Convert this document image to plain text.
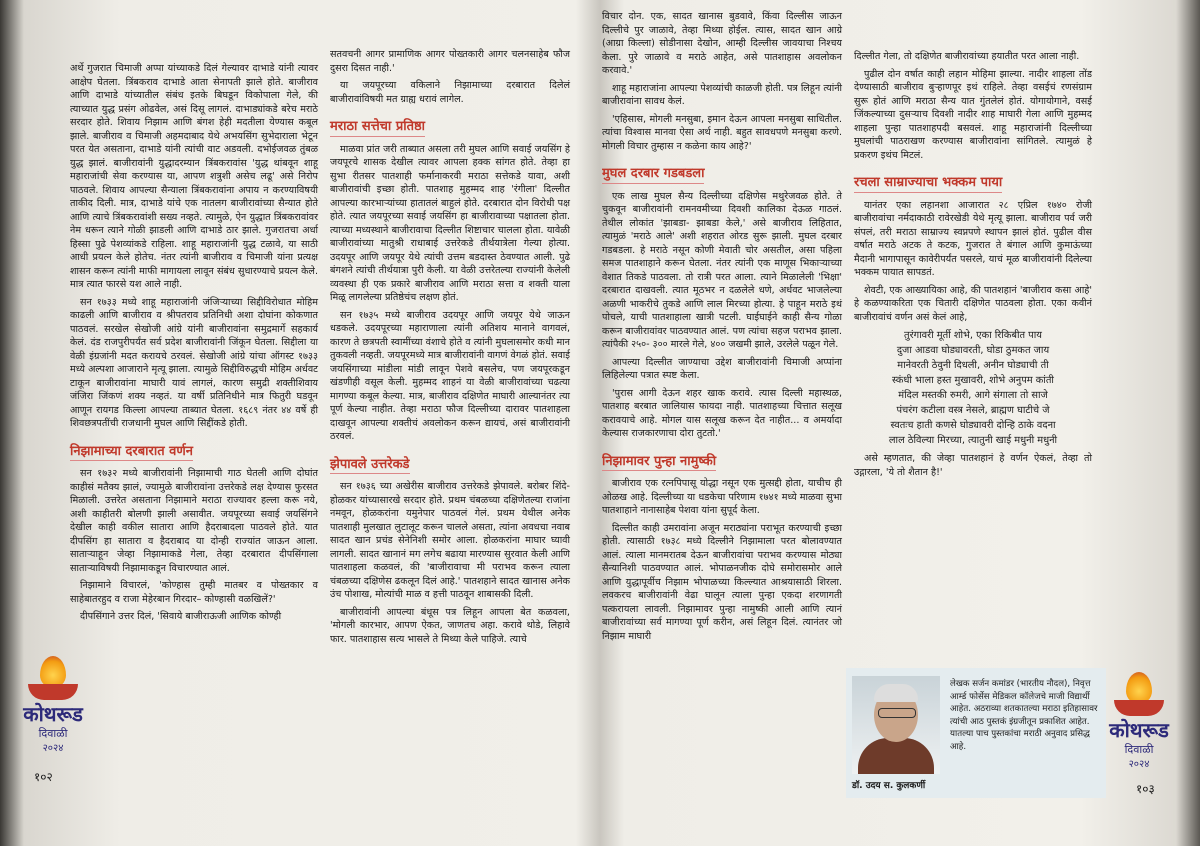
अर्थे गुजरात चिमाजी अप्पा यांच्याकडे दिलं गेल्यावर दाभाडे यांनी त्यावर आक्षेप घेतला. त्रिंबकराव दाभाडे आता सेनापती झाले होते. बाजीराव आणि दाभाडे यांच्यातील संबंध इतके बिघडून विकोपाला गेले, की त्याच्यात युद्ध प्रसंग ओढवेल, असं दिसू लागलं. दाभाड्यांकडे बरेच मराठे सरदार होते. शिवाय निझाम आणि बंगश हेही मदतीला येण्यास कबूल झाले. बाजीराव व चिमाजी अहमदाबाद येथे अभयसिंग सुभेदाराला भेटून परत येत असताना, दाभाडे यांनी त्यांची वाट अडवली. दभोईजवळ तुंबळ युद्ध झालं. बाजीरावांनी युद्धादरम्यान त्रिंबकरावांस 'युद्ध थांबवून शाहू महाराजांची सेवा करण्यास या, आपण शत्रुशी असेच लढू' असे निरोप पाठवले. शिवाय आपल्या सैन्याला त्रिंबकरावांना अपाय न करण्याविषयी ताकीद दिली. मात्र, दाभाडे यांचे एक नातलग बाजीरावांच्या सैन्यात होते आणि त्याचे त्रिंबकरावांशी सख्य नव्हते. त्यामुळे, ऐन युद्धात त्रिंबकरावांवर नेम धरून त्याने गोळी झाडली आणि दाभाडे ठार झाले. गुजरातचा अर्धा हिस्सा पुढे पेशव्यांकडे राहिला. शाहू महाराजांनी युद्ध टळावे, या साठी आधी प्रयत्न केले होतेच. नंतर त्यांनी बाजीराव व चिमाजी यांना प्रत्यक्ष शासन करून त्यांनी माफी मागायला लावून संबंध सुधारण्याचे प्रयत्न केले. मात्र त्यात फारसे यश आले नाही.

सन १७३३ मध्ये शाहू महाराजांनी जंजिऱ्याच्या सिद्दीविरोधात मोहिम काढली आणि बाजीराव व श्रीपतराव प्रतिनिधी अशा दोघांना कोकणात पाठवलं. सरखेल सेखोजी आंग्रे यांनी बाजीरावांना समुद्रमार्गे सहकार्य केलं. दंड राजपुरीपर्यंत सर्व प्रदेश बाजीरावांनी जिंकून घेतला. सिद्दीला या वेळी इंग्रजांनी मदत करायचे ठरवलं. सेखोजी आंग्रे यांचा ऑगस्ट १७३३ मध्ये अल्पशा आजाराने मृत्यू झाला. त्यामुळे सिद्दीविरुद्धची मोहिम अर्धवट टाकून बाजीरावांना माघारी यावं लागलं, कारण समुद्री शक्तीशिवाय जंजिरा जिंकणं शक्य नव्हतं. या वर्षी प्रतिनिधीने मात्र फितुरी घडवून आणून रायगड किल्ला आपल्या ताब्यात घेतला. १६८९ नंतर ४४ वर्षे ही शिवछत्रपतींची राजधानी मुघल आणि सिद्दींकडे होती.

निझामाच्या दरबारात वर्णन

सन १७३२ मध्ये बाजीरावांनी निझामाची गाठ घेतली आणि दोघांत काहीसं मतैक्य झालं, ज्यामुळे बाजीरावांना उत्तरेकडे लक्ष देण्यास फुरसत मिळाली. उत्तरेत असताना निझामाने मराठा राज्यावर हल्ला करू नये, अशी काहीतरी बोलणी झाली असावीत. जयपूरच्या सवाई जयसिंगने देखील काही वकील सातारा आणि हैदराबादला पाठवले होते. यात दीपसिंग हा सातारा व हैदराबाद या दोन्ही राज्यांत जाऊन आला. सातार्‍याहून जेव्हा निझामाकडे गेला, तेव्हा दरबारात दीपसिंगाला साताऱ्याविषयी निझामाकडून विचारण्यात आलं.

निझामाने विचारलं, 'कोण्हास तुम्ही मातबर व पोख्तकार व साहेबातरहुद व राजा मेहेरबान गिरदार– कोण्हासी वळखिलें?'

दीपसिंगाने उत्तर दिलं, 'सिवाये बाजीराऊजी आणिक कोण्ही

सतवचनी आगर प्रामाणिक आगर पोख्तकारी आगर चलनसाहेब फौज दुसरा दिसत नाही.'

या जयपूरच्या वकिलाने निझामाच्या दरबारात दिलेलं बाजीरावांविषयी मत ग्राह्य धरावं लागेल.

मराठा सत्तेचा प्रतिष्ठा

माळवा प्रांत जरी ताब्यात असला तरी मुघल आणि सवाई जयसिंग हे जयपूरचे शासक देखील त्यावर आपला हक्क सांगत होते. तेव्हा हा सुभा रीतसर पातशाही फर्मानाकरवी मराठा सत्तेकडे यावा, अशी बाजीरावांची इच्छा होती. पातशाह मुहम्मद शाह 'रंगीला' दिल्लीत आपल्या कारभाऱ्यांच्या हातातलं बाहुलं होते. दरबारात दोन विरोधी पक्ष होते. त्यात जयपूरच्या सवाई जयसिंग हा बाजीरावाच्या पक्षातला होता. त्याच्या मध्यस्थाने बाजीरावाचा दिल्लीत शिष्टाचार चालला होता. यावेळी बाजीरावांच्या मातुश्री राधाबाई उत्तरेकडे तीर्थयात्रेला गेल्या होत्या. उदयपूर आणि जयपूर येथे त्यांची उत्तम बडदास्त ठेवण्यात आली. पुढे बंगशने त्यांची तीर्थयात्रा पुरी केली. या वेळी उत्तरेतल्या राज्यांनी केलेली व्यवस्था ही एक प्रकारे बाजीराव आणि मराठा सत्ता व शक्ती याला मिळू लागलेल्या प्रतिष्ठेचंच लक्षण होतं.

सन १७३५ मध्ये बाजीराव उदयपूर आणि जयपूर येथे जाऊन धडकले. उदयपूरच्या महाराणाला त्यांनी अतिशय मानाने वागवलं, कारण ते छत्रपती स्वामींच्या वंशाचे होते व त्यांनी मुघलासमोर कधी मान तुकवली नव्हती. जयपूरमध्ये मात्र बाजीरावांनी वागणं वेगळं होतं. सवाई जयसिंगाच्या मांडीला मांडी लावून पेशवे बसलेच, पण जयपूरकडून खंडणीही वसूल केली. मुहम्मद शाहनं या वेळी बाजीरावांच्या चढत्या मागण्या कबूल केल्या. मात्र, बाजीराव दक्षिणेत माघारी आल्यानंतर त्या पूर्ण केल्या नाहीत. तेव्हा मराठा फौज दिल्लीच्या दारावर पातशाहला दाखवून आपल्या शक्तीचं अवलोकन करून द्यायचं, असं बाजीरावांनी ठरवलं.

झेपावले उत्तरेकडे

सन १७३६ च्या अखेरीस बाजीराव उत्तरेकडे झेपावले. बरोबर शिंदे- होळकर यांच्यासारखे सरदार होते. प्रथम चंबळच्या दक्षिणेतल्या राजांना नमवून, होळकरांना यमुनेपार पाठवलं गेलं. प्रथम येथील अनेक पातशाही मुलखात लुटालूट करून चालले असता, त्यांना अवधचा नवाब सादत खान प्रचंड सेनेनिशी समोर आला. होळकरांना माघार घ्यावी लागली. सादत खानानं मग लगेच बढाया मारण्यास सुरवात केली आणि पातशाहला कळवलं, की 'बाजीरावाचा मी पराभव करून त्याला चंबळच्या दक्षिणेस ढकलून दिलं आहे.' पातशहाने सादत खानास अनेक उंच पोशाख, मोत्यांची माळ व हत्ती पाठवून शाबासकी दिली.

बाजीरावांनी आपल्या बंधूस पत्र लिहून आपला बेत कळवला, 'मोगली कारभार, आपण ऐकत, जाणतच अहा. करावे थोडे, लिहावे फार. पातशाहास सत्य भासले ते मिथ्या केले पाहिजे. त्याचे

कोथरूड
दिवाळी
२०२४
१०२

विचार दोन. एक, सादत खानास बुडवावे, किंवा दिल्लीस जाऊन दिल्लीचे पुर जाळावे, तेव्हा मिथ्या होईल. त्यास, सादत खान आग्रे (आग्रा किल्ला) सोडीनासा देखोन, आम्ही दिल्लीस जावयाचा निश्चय केला. पुरे जाळावे व मराठे आहेत, असे पातशाहास अवलोकन करवावे.'

शाहू महाराजांना आपल्या पेशव्यांची काळजी होती. पत्र लिहून त्यांनी बाजीरावांना सावध केलं.

'एहिसास, मोगली मनसुबा, इमान देऊन आपला मनसुबा साधितील. त्यांचा विश्वास मानवा ऐसा अर्थ नाही. बहुत सावधपणे मनसुबा करणे. मोगली विचार तुम्हास न कळेना काय आहे?'

मुघल दरबार गडबडला

एक लाख मुघल सैन्य दिल्लीच्या दक्षिणेस मथुरेजवळ होते. ते चुकवून बाजीरावांनी रामनवमीच्या दिवशी कालिका देऊळ गाठलं. तेथील लोकांत 'झाबडा- झाबडा केले,' असे बाजीराव लिहितात, त्यामुळं 'मराठे आले' अशी शहरात ओरड सुरू झाली. मुघल दरबार गडबडला. हे मराठे नसून कोणी मेवाती चोर असतील, असा पहिला समज पातशाहाने करून घेतला. नंतर त्यांनी एक माणूस भिकाऱ्याच्या वेशात तिकडे पाठवला. तो रात्री परत आला. त्याने मिळालेली 'भिक्षा' दरबारात दाखवली. त्यात मूठभर न दळलेले धणे, अर्धवट भाजलेल्या अळणी भाकरीचे तुकडे आणि लाल मिरच्या होत्या. हे पाहून मराठे इथं पोचले, याची पातशाहाला खात्री पटली. घाईघाईने काही सैन्य गोळा करून बाजीरावांवर पाठवण्यात आलं. पण त्यांचा सहज पराभव झाला. त्यांपैकी २५०- ३०० मारले गेले, ४०० जखमी झाले, उरलेले पळून गेले.

आपल्या दिल्लीत जाण्याचा उद्देश बाजीरावांनी चिमाजी अप्पांना लिहिलेल्या पत्रात स्पष्ट केला.

'पुरास आगी देऊन शहर खाक करावे. त्यास दिल्ली महास्थळ, पातशाह बरबात जालियास फायदा नाही. पातशाहच्या चित्तात सलूख करावयाचे आहे. मोगल यास सलूख करून देत नाहीत... व अमर्यादा केल्यास राजकारणाचा दोरा तुटतो.'

निझामावर पुन्हा नामुष्की

बाजीराव एक रत्नपिपासू योद्धा नसून एक मुत्सद्दी होता, याचीच ही ओळख आहे. दिल्लीच्या या धडकेचा परिणाम १७४१ मध्ये माळवा सुभा पातशाहाने नानासाहेब पेशवा यांना सुपूर्द केला.

दिल्लीत काही उमरावांना अजून मराठ्यांना पराभूत करण्याची इच्छा होती. त्यासाठी १७३८ मध्ये दिल्लीने निझामाला परत बोलावण्यात आलं. त्याला मानमरातब देऊन बाजीरावांचा पराभव करण्यास मोठ्या सैन्यानिशी पाठवण्यात आलं. भोपाळनजीक दोघे समोरासमोर आले आणि युद्धापूर्वीच निझाम भोपाळच्या किल्ल्यात आश्रयासाठी शिरला. लवकरच बाजीरावांनी वेढा घालून त्याला पुन्हा एकदा शरणागती पत्करायला लावली. निझामावर पुन्हा नामुष्की आली आणि त्यानं बाजीरावांच्या सर्व मागण्या पूर्ण करीन, असं लिहून दिलं. त्यानंतर जो निझाम माघारी

दिल्लीत गेला, तो दक्षिणेत बाजीरावांच्या हयातीत परत आला नाही.

पुढील दोन वर्षात काही लहान मोहिमा झाल्या. नादीर शाहला तोंड देण्यासाठी बाजीराव बुऱ्हाणपूर इथं राहिले. तेव्हा वसईचं रणसंग्राम सुरू होतं आणि मराठा सैन्य यात गुंतलेलं होतं. योगायोगाने, वसई जिंकल्याच्या दुसऱ्याच दिवशी नादीर शाह माघारी गेला आणि मुहम्मद शाहला पुन्हा पातशाहपदी बसवलं. शाहू महाराजांनी दिल्लीच्या मुघलांची पाठराखण करण्यास बाजीरावांना सांगितले. त्यामुळं हे प्रकरण इथंच मिटलं.

रचला साम्राज्याचा भक्कम पाया

यानंतर एका लहानशा आजारात २८ एप्रिल १७४० रोजी बाजीरावांचा नर्मदाकाठी रावेरखेडी येथे मृत्यू झाला. बाजीराव पर्व जरी संपलं, तरी मराठा साम्राज्य स्वप्नपणे स्थापन झालं होतं. पुढील वीस वर्षात मराठे अटक ते कटक, गुजरात ते बंगाल आणि कुमाऊंच्या मैदानी भागापासून कावेरीपर्यंत पसरले, याचं मूळ बाजीरावांनी दिलेल्या भक्कम पायात सापडतं.

शेवटी, एक आख्यायिका आहे, की पातशहानं 'बाजीराव कसा आहे' हे कळण्याकरिता एक चितारी दक्षिणेत पाठवला होता. एका कवीनं बाजीरावांचं वर्णन असं केलं आहे,

तुरंगावरी मूर्ती शोभे, एका रिकिबीत पाय
दुजा आडवा घोड्यावरती, घोडा ठुमकत जाय
मानेवरती ठेवुनी दिधली, अनीन घोड्याची ती
स्कंधी भाला हस्त मुखावरी, शोभे अनुपम कांती
मंदिल मस्तकी रुमरी, आगे संगाला तो साजे
पंचरंग कटीला वस्त्र नेसले, ब्राह्मण घाटीचे जे
स्वतःच हाती कणसे घोड्यावरी दोन्हि ठाके वदना
लाल ठेविल्या मिरच्या, त्यातुनी खाई मधुनी मधुनी

असे म्हणतात, की जेव्हा पातशहानं हे वर्णन ऐकलं, तेव्हा तो उद्गारला, 'ये तो शैतान है!'

डॉ. उदय स. कुलकर्णी
लेखक सर्जन कमांडर (भारतीय नौदल), निवृत्त आर्म्ड फोर्सेस मेडिकल कॉलेजचे माजी विद्यार्थी आहेत. अठराव्या शतकातल्या मराठा इतिहासावर त्यांची आठ पुस्तकं इंग्रजीतून प्रकाशित आहेत. यातल्या पाच पुस्तकांचा मराठी अनुवाद प्रसिद्ध आहे.
कोथरूड
दिवाळी
२०२४
१०३
